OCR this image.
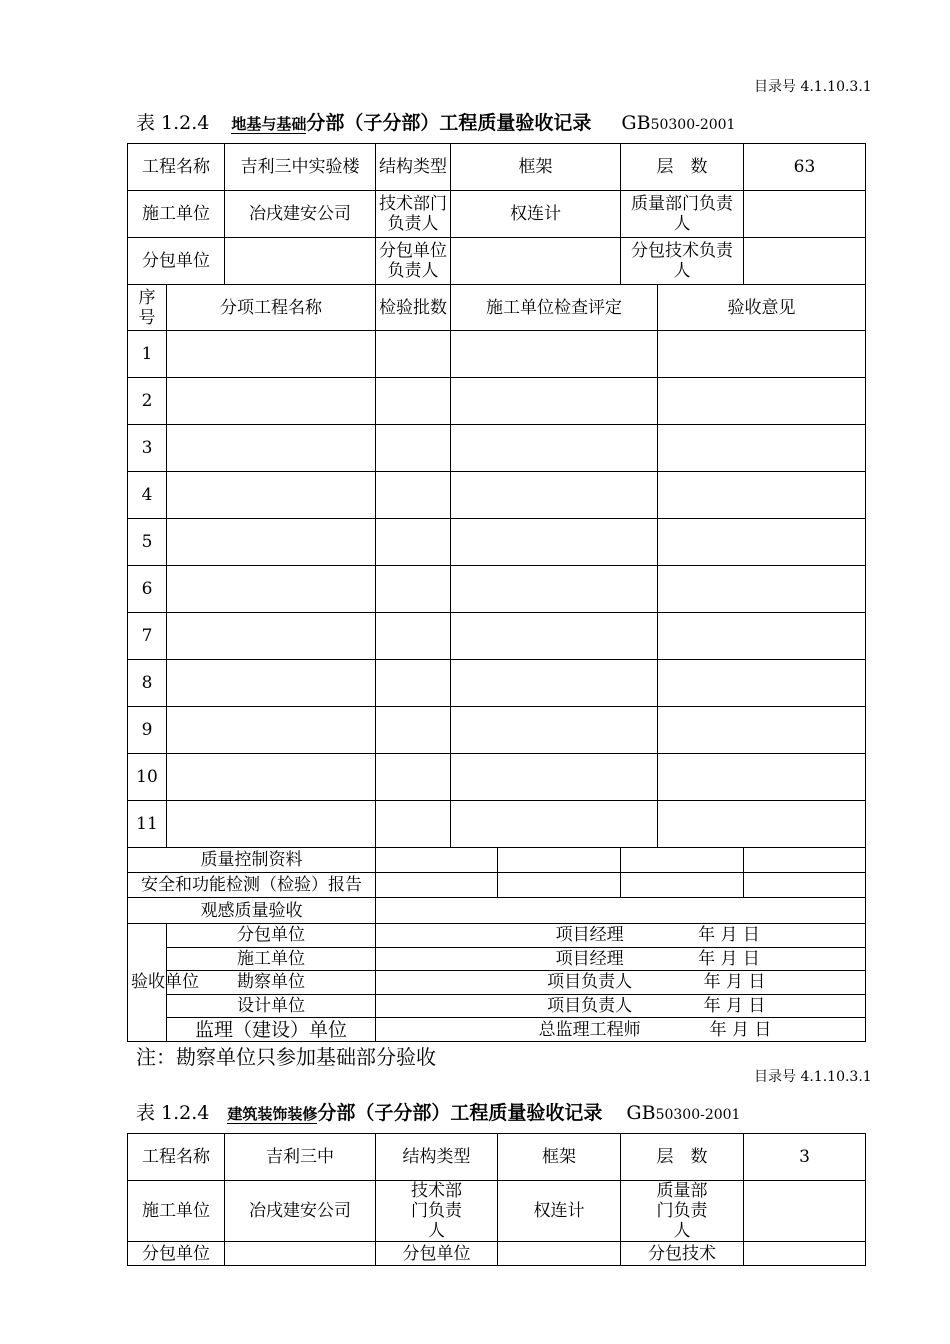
目录号 4.1.10.3.1
表 1.2.4 地基与基础分部（子分部）工程质量验收记录 GB50300-2001
工程名称		吉利三中实验楼	结构类型	框架		层　数		63
施工单位		冶戌建安公司	技术部门负责人	权连计		质量部门负责人		
分包单位			分包单位负责人			分包技术负责人		
序号	分项工程名称		检验批数	施工单位检查评定			验收意见	
1								
2								
3								
4								
5								
6								
7								
8								
9								
10								
11								
质量控制资料								
安全和功能检测（检验）报告								
观感质量验收								
验收单位	分包单位		项目经理 年 月 日					
	施工单位		项目经理 年 月 日					
	勘察单位		项目负责人 年 月 日					
	设计单位		项目负责人 年 月 日					
	监理（建设）单位		总监理工程师 年 月 日					
注：勘察单位只参加基础部分验收
目录号 4.1.10.3.1
表 1.2.4 建筑装饰装修分部（子分部）工程质量验收记录 GB50300-2001
工程名称	吉利三中	结构类型	框架	层　数	3
施工单位	冶戌建安公司	技术部门负责人	权连计	质量部门负责人	
分包单位		分包单位		分包技术	
